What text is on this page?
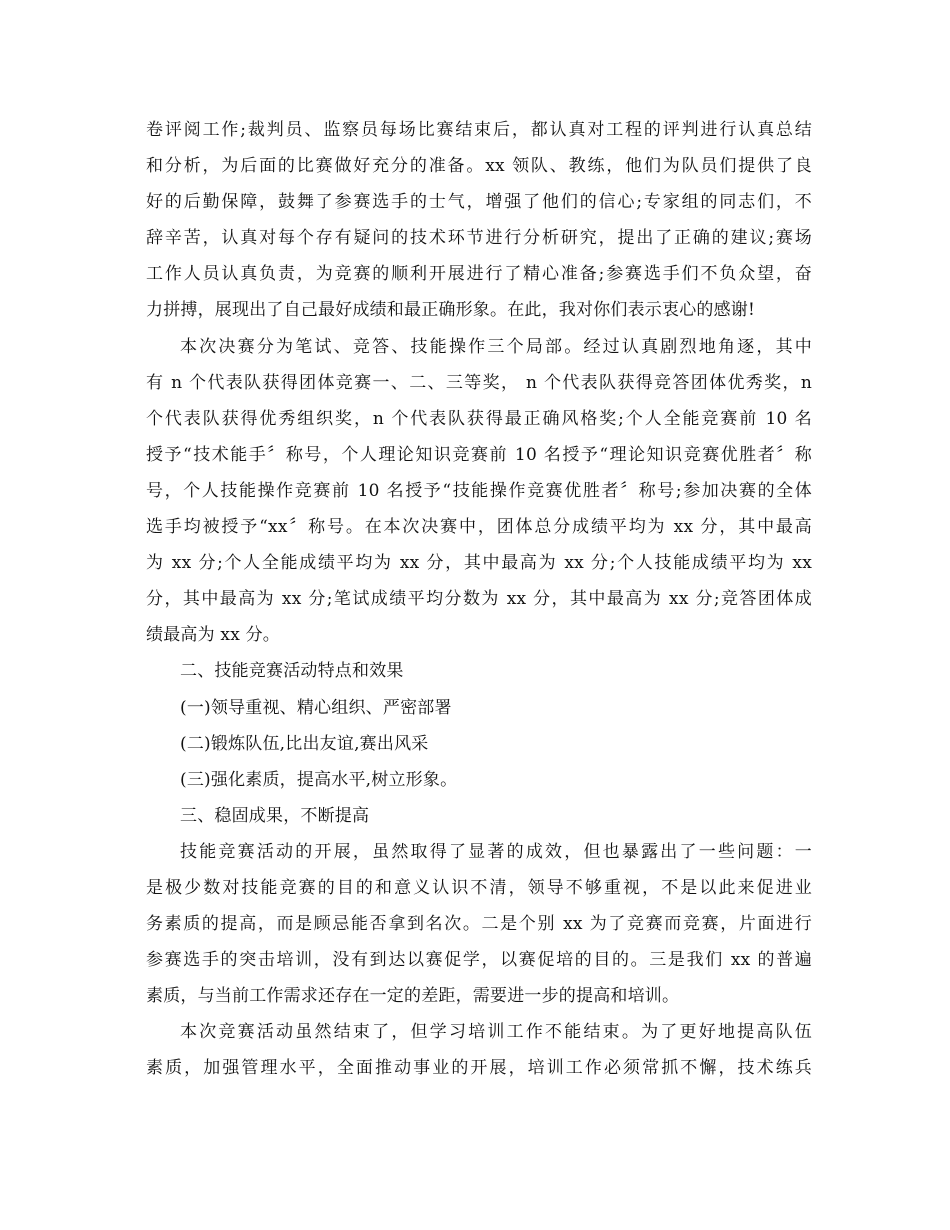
卷评阅工作;裁判员、监察员每场比赛结束后，都认真对工程的评判进行认真总结
和分析，为后面的比赛做好充分的准备。xx 领队、教练，他们为队员们提供了良
好的后勤保障，鼓舞了参赛选手的士气，增强了他们的信心;专家组的同志们，不
辞辛苦，认真对每个存有疑问的技术环节进行分析研究，提出了正确的建议;赛场
工作人员认真负责，为竞赛的顺利开展进行了精心准备;参赛选手们不负众望，奋
力拼搏，展现出了自己最好成绩和最正确形象。在此，我对你们表示衷心的感谢!
本次决赛分为笔试、竞答、技能操作三个局部。经过认真剧烈地角逐，其中
有 n 个代表队获得团体竞赛一、二、三等奖， n 个代表队获得竞答团体优秀奖，n
个代表队获得优秀组织奖，n 个代表队获得最正确风格奖;个人全能竞赛前 10 名
授予“技术能手〞称号，个人理论知识竞赛前 10 名授予“理论知识竞赛优胜者〞称
号，个人技能操作竞赛前 10 名授予“技能操作竞赛优胜者〞称号;参加决赛的全体
选手均被授予“xx〞称号。在本次决赛中，团体总分成绩平均为 xx 分，其中最高
为 xx 分;个人全能成绩平均为 xx 分，其中最高为 xx 分;个人技能成绩平均为 xx
分，其中最高为 xx 分;笔试成绩平均分数为 xx 分，其中最高为 xx 分;竞答团体成
绩最高为 xx 分。
二、技能竞赛活动特点和效果
(一)领导重视、精心组织、严密部署
(二)锻炼队伍,比出友谊,赛出风采
(三)强化素质，提高水平,树立形象。
三、稳固成果，不断提高
技能竞赛活动的开展，虽然取得了显著的成效，但也暴露出了一些问题：一
是极少数对技能竞赛的目的和意义认识不清，领导不够重视，不是以此来促进业
务素质的提高，而是顾忌能否拿到名次。二是个别 xx 为了竞赛而竞赛，片面进行
参赛选手的突击培训，没有到达以赛促学，以赛促培的目的。三是我们 xx 的普遍
素质，与当前工作需求还存在一定的差距，需要进一步的提高和培训。
本次竞赛活动虽然结束了，但学习培训工作不能结束。为了更好地提高队伍
素质，加强管理水平，全面推动事业的开展，培训工作必须常抓不懈，技术练兵
